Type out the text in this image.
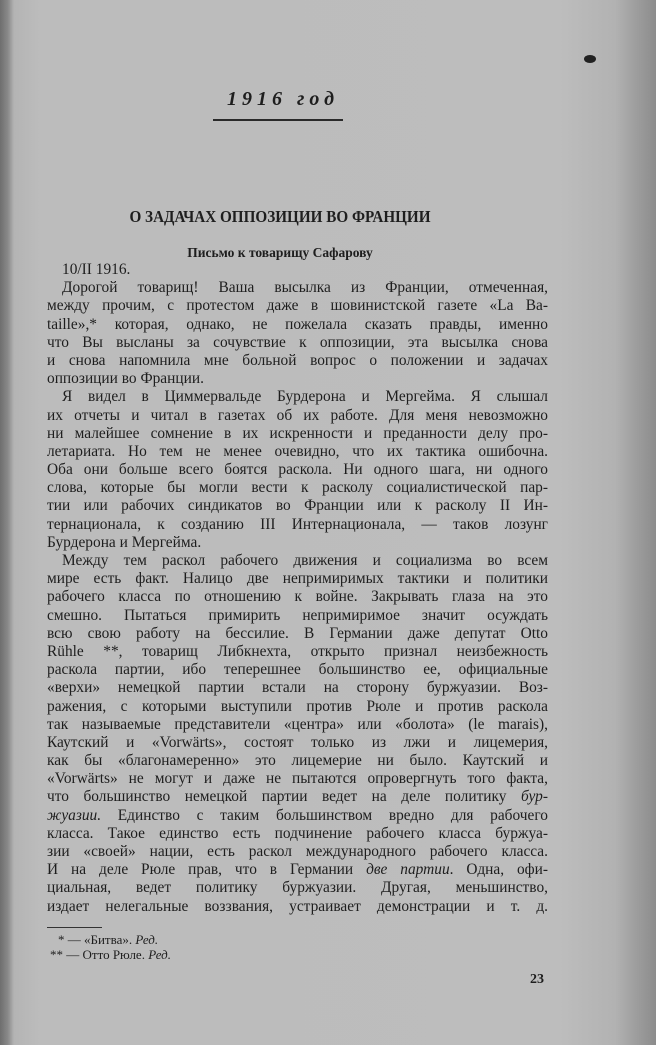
1916 год
О ЗАДАЧАХ ОППОЗИЦИИ ВО ФРАНЦИИ
Письмо к товарищу Сафарову
10/II 1916.
Дорогой товарищ! Ваша высылка из Франции, отмеченная,
между прочим, с протестом даже в шовинистской газете «La Ba-
taille»,* которая, однако, не пожелала сказать правды, именно
что Вы высланы за сочувствие к оппозиции, эта высылка снова
и снова напомнила мне больной вопрос о положении и задачах
оппозиции во Франции.
Я видел в Циммервальде Бурдерона и Мергейма. Я слышал
их отчеты и читал в газетах об их работе. Для меня невозможно
ни малейшее сомнение в их искренности и преданности делу про-
летариата. Но тем не менее очевидно, что их тактика ошибочна.
Оба они больше всего боятся раскола. Ни одного шага, ни одного
слова, которые бы могли вести к расколу социалистической пар-
тии или рабочих синдикатов во Франции или к расколу II Ин-
тернационала, к созданию III Интернационала, — таков лозунг
Бурдерона и Мергейма.
Между тем раскол рабочего движения и социализма во всем
мире есть факт. Налицо две непримиримых тактики и политики
рабочего класса по отношению к войне. Закрывать глаза на это
смешно. Пытаться примирить непримиримое значит осуждать
всю свою работу на бессилие. В Германии даже депутат Otto
Rühle **, товарищ Либкнехта, открыто признал неизбежность
раскола партии, ибо теперешнее большинство ее, официальные
«верхи» немецкой партии встали на сторону буржуазии. Воз-
ражения, с которыми выступили против Рюле и против раскола
так называемые представители «центра» или «болота» (le marais),
Каутский и «Vorwärts», состоят только из лжи и лицемерия,
как бы «благонамеренно» это лицемерие ни было. Каутский и
«Vorwärts» не могут и даже не пытаются опровергнуть того факта,
что большинство немецкой партии ведет на деле политику бур-
жуазии. Единство с таким большинством вредно для рабочего
класса. Такое единство есть подчинение рабочего класса буржуа-
зии «своей» нации, есть раскол международного рабочего класса.
И на деле Рюле прав, что в Германии две партии. Одна, офи-
циальная, ведет политику буржуазии. Другая, меньшинство,
издает нелегальные воззвания, устраивает демонстрации и т. д.
* — «Битва». Ред.
** — Отто Рюле. Ред.
23
